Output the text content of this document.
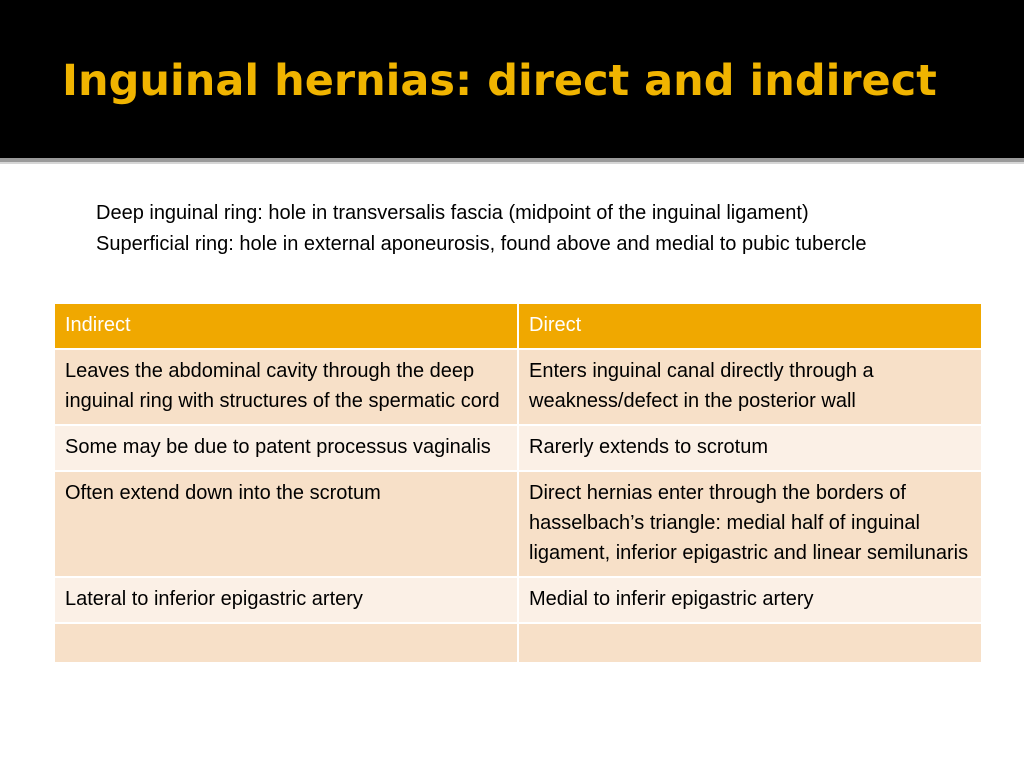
Inguinal hernias: direct and indirect

Deep inguinal ring: hole in transversalis fascia (midpoint of the inguinal ligament)

Superficial ring: hole in external aponeurosis, found above and medial to pubic tubercle

Indirect	Direct
Leaves the abdominal cavity through the deep inguinal ring with structures of the spermatic cord	Enters inguinal canal directly through a weakness/defect in the posterior wall
Some may be due to patent processus vaginalis	Rarerly extends to scrotum
Often extend down into the scrotum	Direct hernias enter through the borders of hasselbach’s triangle: medial half of inguinal ligament, inferior epigastric and linear semilunaris
Lateral to inferior epigastric artery	Medial to inferir epigastric artery
